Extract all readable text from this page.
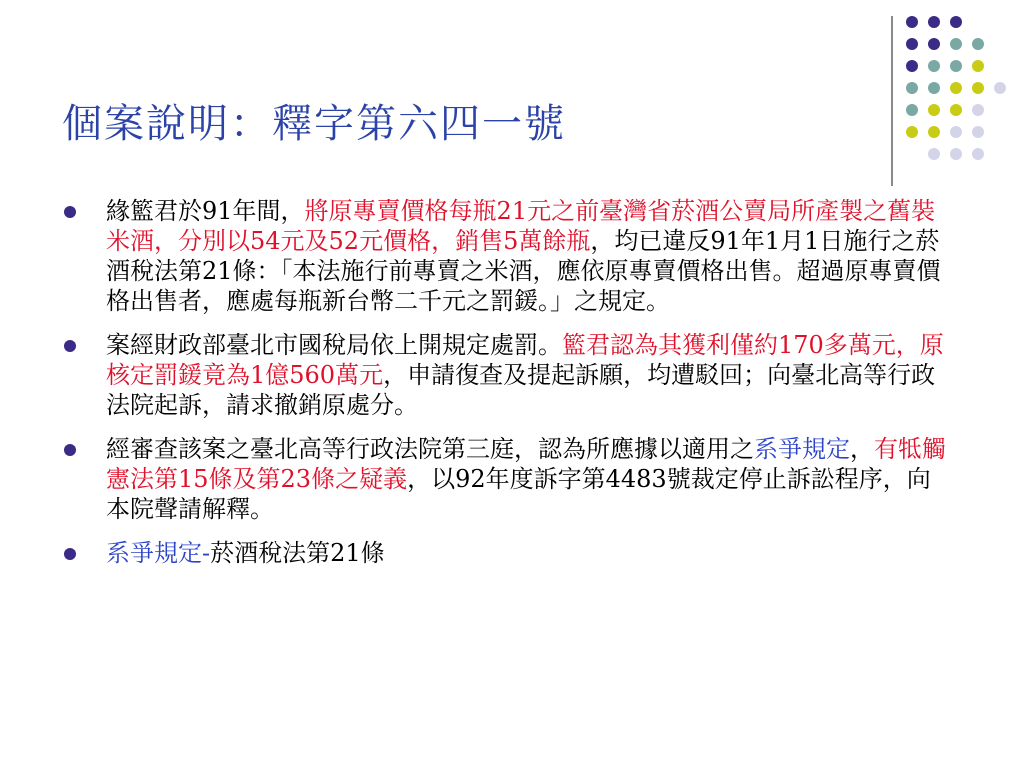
個案說明：釋字第六四一號
緣籃君於91年間，將原專賣價格每瓶21元之前臺灣省菸酒公賣局所產製之舊裝米酒，分別以54元及52元價格，銷售5萬餘瓶，均已違反91年1月1日施行之菸酒稅法第21條：「本法施行前專賣之米酒，應依原專賣價格出售。超過原專賣價格出售者，應處每瓶新台幣二千元之罰鍰。」之規定。
案經財政部臺北市國稅局依上開規定處罰。籃君認為其獲利僅約170多萬元，原核定罰鍰竟為1億560萬元，申請復查及提起訴願，均遭駁回；向臺北高等行政法院起訴，請求撤銷原處分。
經審查該案之臺北高等行政法院第三庭，認為所應據以適用之系爭規定，有牴觸憲法第15條及第23條之疑義，以92年度訴字第4483號裁定停止訴訟程序，向本院聲請解釋。
系爭規定-菸酒稅法第21條
